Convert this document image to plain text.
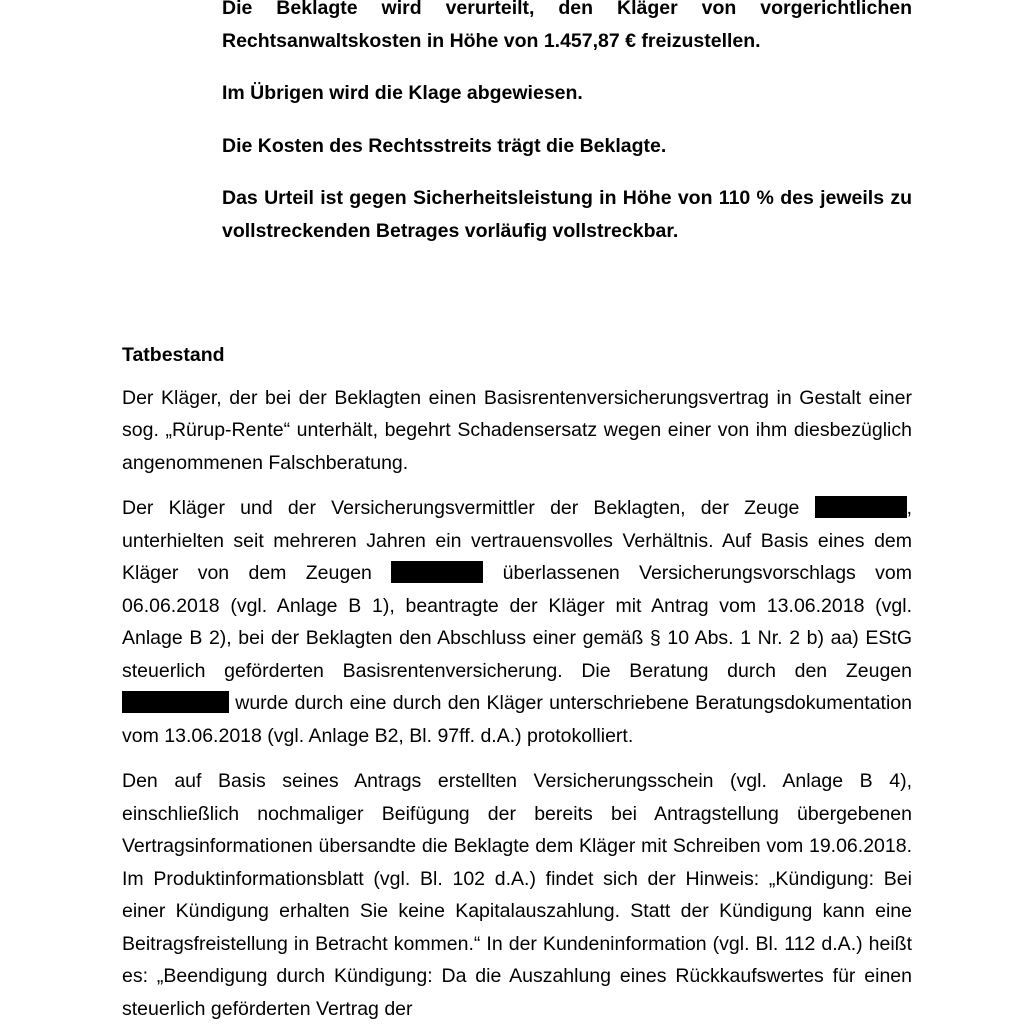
Die Beklagte wird verurteilt, den Kläger von vorgerichtlichen Rechtsanwaltskosten in Höhe von 1.457,87 € freizustellen.

Im Übrigen wird die Klage abgewiesen.

Die Kosten des Rechtsstreits trägt die Beklagte.

Das Urteil ist gegen Sicherheitsleistung in Höhe von 110 % des jeweils zu vollstreckenden Betrages vorläufig vollstreckbar.

Tatbestand

Der Kläger, der bei der Beklagten einen Basisrentenversicherungsvertrag in Gestalt einer sog. „Rürup-Rente“ unterhält, begehrt Schadensersatz wegen einer von ihm diesbezüglich angenommenen Falschberatung.

Der Kläger und der Versicherungsvermittler der Beklagten, der Zeuge	, unterhielten seit mehreren Jahren ein vertrauensvolles Verhältnis. Auf Basis eines dem Kläger von dem Zeugen	überlassenen Versicherungsvorschlags vom 06.06.2018 (vgl. Anlage B 1), beantragte der Kläger mit Antrag vom 13.06.2018 (vgl. Anlage B 2), bei der Beklagten den Abschluss einer gemäß § 10 Abs. 1 Nr. 2 b) aa) EStG steuerlich geförderten Basisrentenversicherung. Die Beratung durch den Zeugen  wurde durch eine durch den Kläger unterschriebene Beratungsdokumentation vom 13.06.2018 (vgl. Anlage B2, Bl. 97ff. d.A.) protokolliert.

Den auf Basis seines Antrags erstellten Versicherungsschein (vgl. Anlage B 4), einschließlich nochmaliger Beifügung der bereits bei Antragstellung übergebenen Vertragsinformationen übersandte die Beklagte dem Kläger mit Schreiben vom 19.06.2018. Im Produktinformationsblatt (vgl. Bl. 102 d.A.) findet sich der Hinweis: „Kündigung: Bei einer Kündigung erhalten Sie keine Kapitalauszahlung. Statt der Kündigung kann eine Beitragsfreistellung in Betracht kommen.“ In der Kundeninformation (vgl. Bl. 112 d.A.) heißt es: „Beendigung durch Kündigung: Da die Auszahlung eines Rückkaufswertes für einen steuerlich geförderten Vertrag der
